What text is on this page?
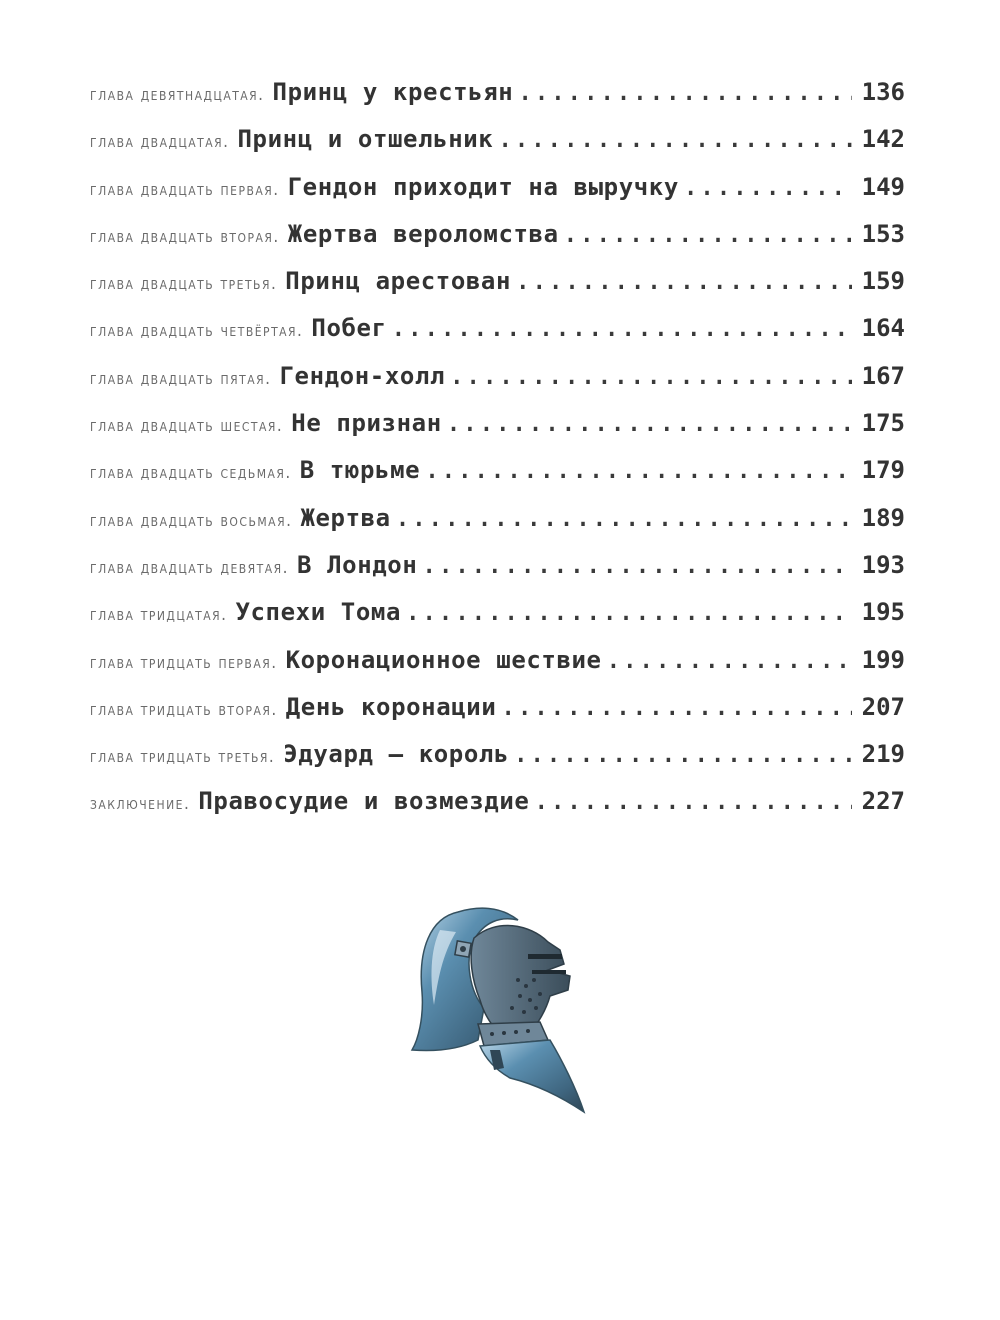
глава девятнадцатая. Принц у крестьян . . .	136
глава двадцатая. Принц и отшельник . . .	142
глава двадцать первая. Гендон приходит на выручку . . .	149
глава двадцать вторая. Жертва вероломства . . .	153
глава двадцать третья. Принц арестован . . .	159
глава двадцать четвёртая. Побег . . .	164
глава двадцать пятая. Гендон-холл . . .	167
глава двадцать шестая. Не признан . . .	175
глава двадцать седьмая. В тюрьме . . .	179
глава двадцать восьмая. Жертва . . .	189
глава двадцать девятая. В Лондон . . .	193
глава тридцатая. Успехи Тома . . .	195
глава тридцать первая. Коронационное шествие . . .	199
глава тридцать вторая. День коронации . . .	207
глава тридцать третья. Эдуард — король . . .	219
заключение. Правосудие и возмездие . . .	227
